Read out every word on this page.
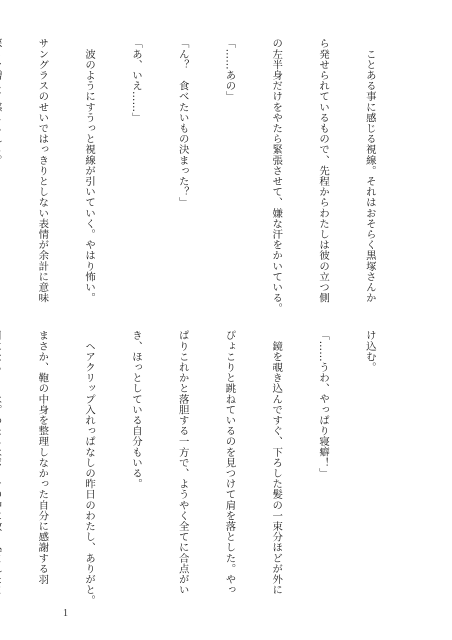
　ことある事に感じる視線。それはおそらく黒塚さんか

ら発せられているもので、先程からわたしは彼の立つ側

の左半身だけをやたら緊張させて、嫌な汗をかいている。

「……あの」

「ん？　食べたいもの決まった？」

「あ、いえ……」

　波のようにすうっと視線が引いていく。やはり怖い。

サングラスのせいではっきりとしない表情が余計に意味

け込む。

「……うわ、やっぱり寝癖！」

　鏡を覗き込んですぐ、下ろした髪の一束分ほどが外に

ぴょこりと跳ねているのを見つけて肩を落とした。やっ

ぱりこれかと落胆する一方で、ようやく全てに合点がい

き、ほっとしている自分もいる。

　ヘアクリップ入れっぱなしの昨日のわたし、ありがと。

まさか、鞄の中身を整理しなかった自分に感謝する羽

1
